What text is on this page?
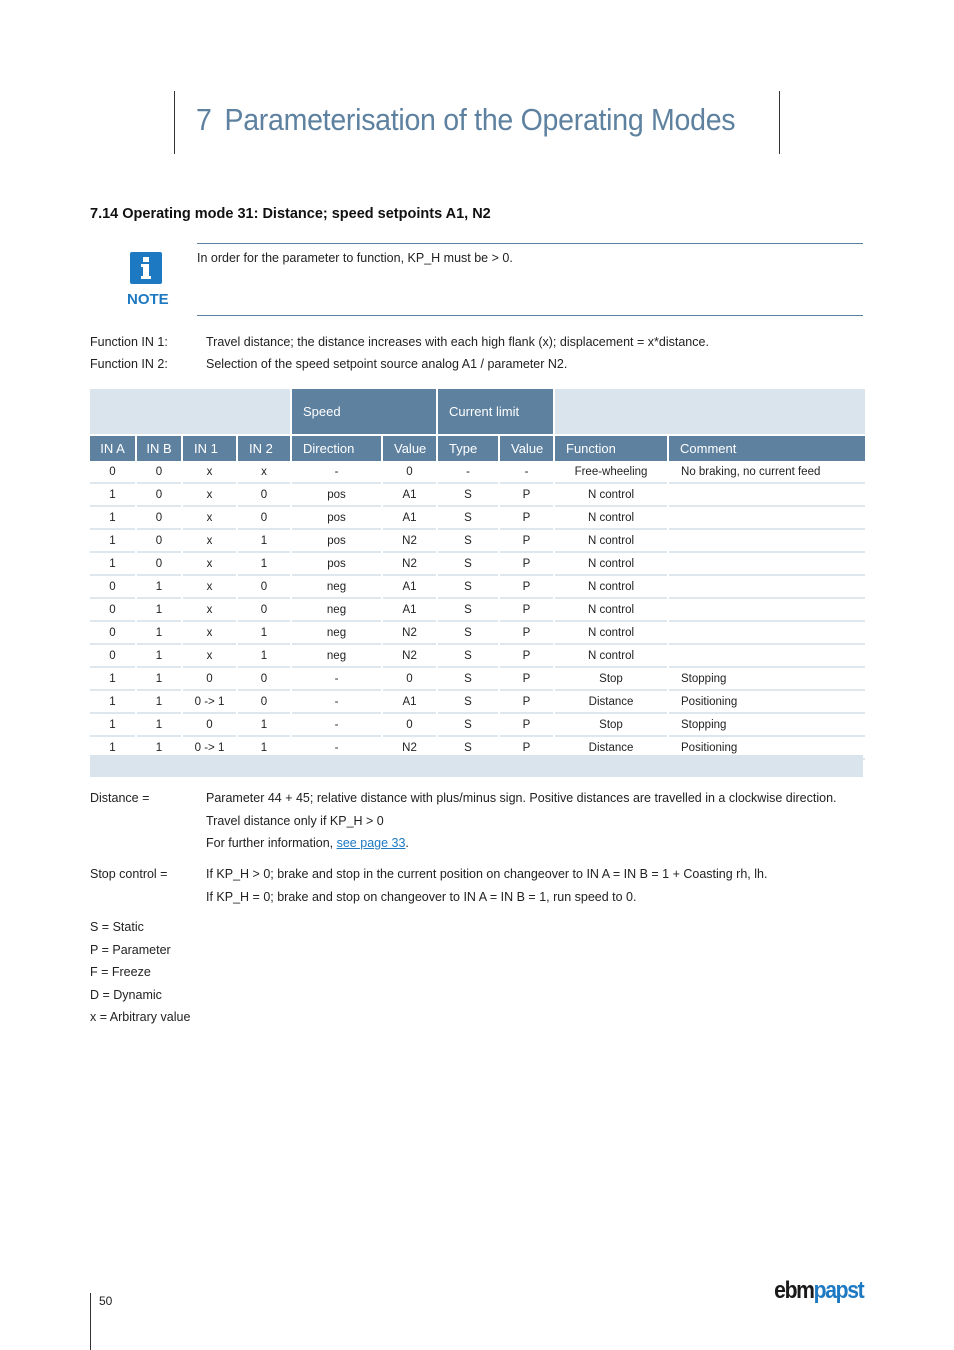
7 Parameterisation of the Operating Modes
7.14 Operating mode 31: Distance; speed setpoints A1, N2
NOTE
In order for the parameter to function, KP_H must be > 0.
Function IN 1:	Travel distance; the distance increases with each high flank (x); displacement = x*distance.
Function IN 2:	Selection of the speed setpoint source analog A1 / parameter N2.
				Speed		Current limit			
IN A	IN B	IN 1	IN 2	Direction	Value	Type	Value	Function	Comment
0	0	x	x	-	0	-	-	Free-wheeling	No braking, no current feed
1	0	x	0	pos	A1	S	P	N control	
1	0	x	0	pos	A1	S	P	N control	
1	0	x	1	pos	N2	S	P	N control	
1	0	x	1	pos	N2	S	P	N control	
0	1	x	0	neg	A1	S	P	N control	
0	1	x	0	neg	A1	S	P	N control	
0	1	x	1	neg	N2	S	P	N control	
0	1	x	1	neg	N2	S	P	N control	
1	1	0	0	-	0	S	P	Stop	Stopping
1	1	0 -> 1	0	-	A1	S	P	Distance	Positioning
1	1	0	1	-	0	S	P	Stop	Stopping
1	1	0 -> 1	1	-	N2	S	P	Distance	Positioning
Distance =	Parameter 44 + 45; relative distance with plus/minus sign. Positive distances are travelled in a clockwise direction.
Travel distance only if KP_H > 0
For further information, see page 33.
Stop control =	If KP_H > 0; brake and stop in the current position on changeover to IN A = IN B = 1 + Coasting rh, lh.
If KP_H = 0; brake and stop on changeover to IN A = IN B = 1, run speed to 0.
S = Static
P = Parameter
F = Freeze
D = Dynamic
x = Arbitrary value
50	ebmpapst
